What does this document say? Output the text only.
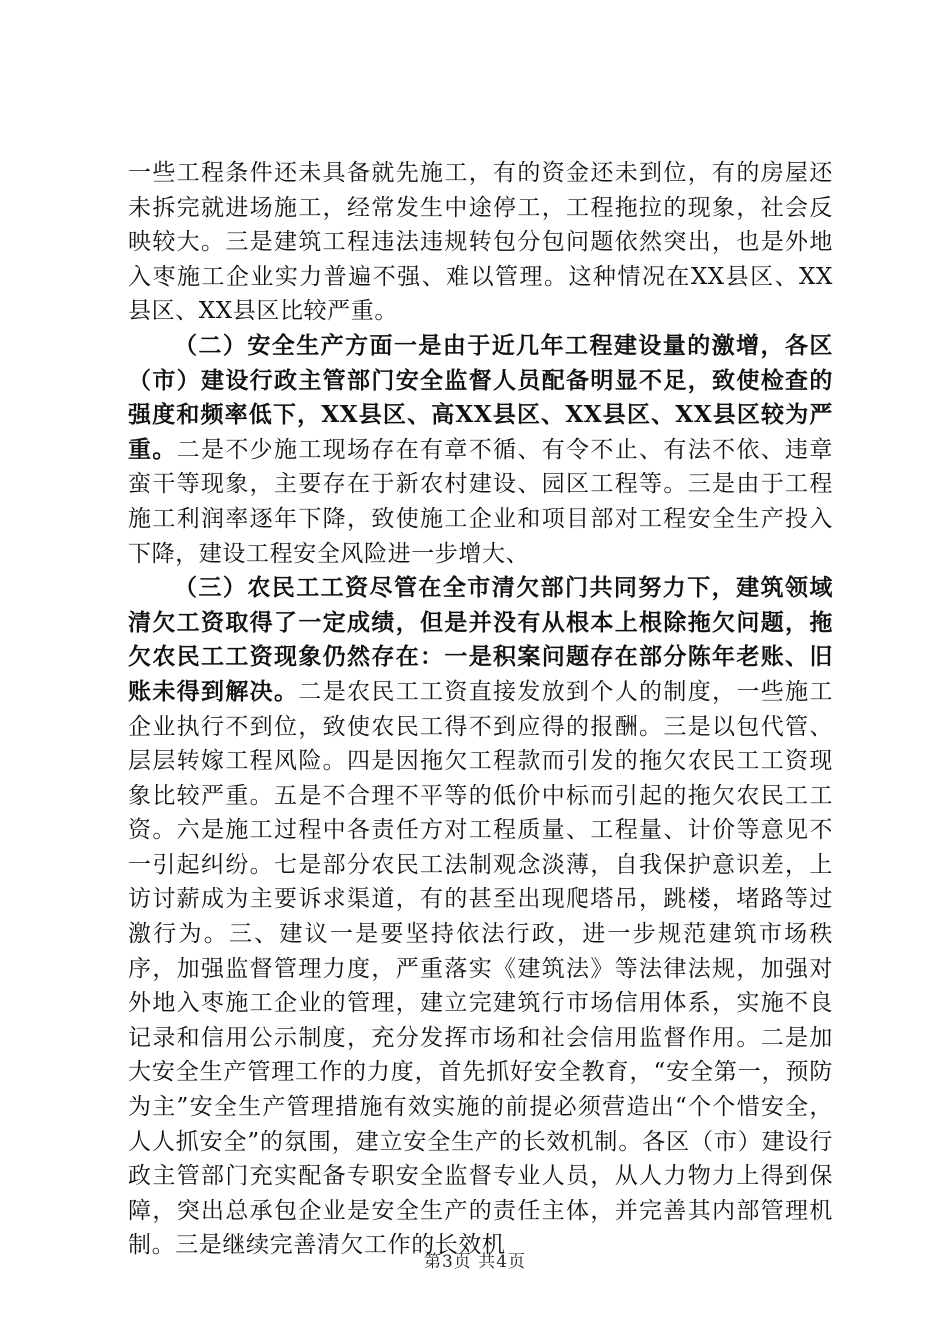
一些工程条件还未具备就先施工，有的资金还未到位，有的房屋还未拆完就进场施工，经常发生中途停工，工程拖拉的现象，社会反映较大。三是建筑工程违法违规转包分包问题依然突出，也是外地入枣施工企业实力普遍不强、难以管理。这种情况在XX县区、XX县区、XX县区比较严重。

（二）安全生产方面一是由于近几年工程建设量的激增，各区（市）建设行政主管部门安全监督人员配备明显不足，致使检查的强度和频率低下，XX县区、高XX县区、XX县区、XX县区较为严重。二是不少施工现场存在有章不循、有令不止、有法不依、违章蛮干等现象，主要存在于新农村建设、园区工程等。三是由于工程施工利润率逐年下降，致使施工企业和项目部对工程安全生产投入下降，建设工程安全风险进一步增大、

（三）农民工工资尽管在全市清欠部门共同努力下，建筑领域清欠工资取得了一定成绩，但是并没有从根本上根除拖欠问题，拖欠农民工工资现象仍然存在：一是积案问题存在部分陈年老账、旧账未得到解决。二是农民工工资直接发放到个人的制度，一些施工企业执行不到位，致使农民工得不到应得的报酬。三是以包代管、层层转嫁工程风险。四是因拖欠工程款而引发的拖欠农民工工资现象比较严重。五是不合理不平等的低价中标而引起的拖欠农民工工资。六是施工过程中各责任方对工程质量、工程量、计价等意见不一引起纠纷。七是部分农民工法制观念淡薄，自我保护意识差，上访讨薪成为主要诉求渠道，有的甚至出现爬塔吊，跳楼，堵路等过激行为。三、建议一是要坚持依法行政，进一步规范建筑市场秩序，加强监督管理力度，严重落实《建筑法》等法律法规，加强对外地入枣施工企业的管理，建立完建筑行市场信用体系，实施不良记录和信用公示制度，充分发挥市场和社会信用监督作用。二是加大安全生产管理工作的力度，首先抓好安全教育，“安全第一，预防为主”安全生产管理措施有效实施的前提必须营造出“个个惜安全，人人抓安全”的氛围，建立安全生产的长效机制。各区（市）建设行政主管部门充实配备专职安全监督专业人员，从人力物力上得到保障，突出总承包企业是安全生产的责任主体，并完善其内部管理机制。三是继续完善清欠工作的长效机

第3页 共4页
